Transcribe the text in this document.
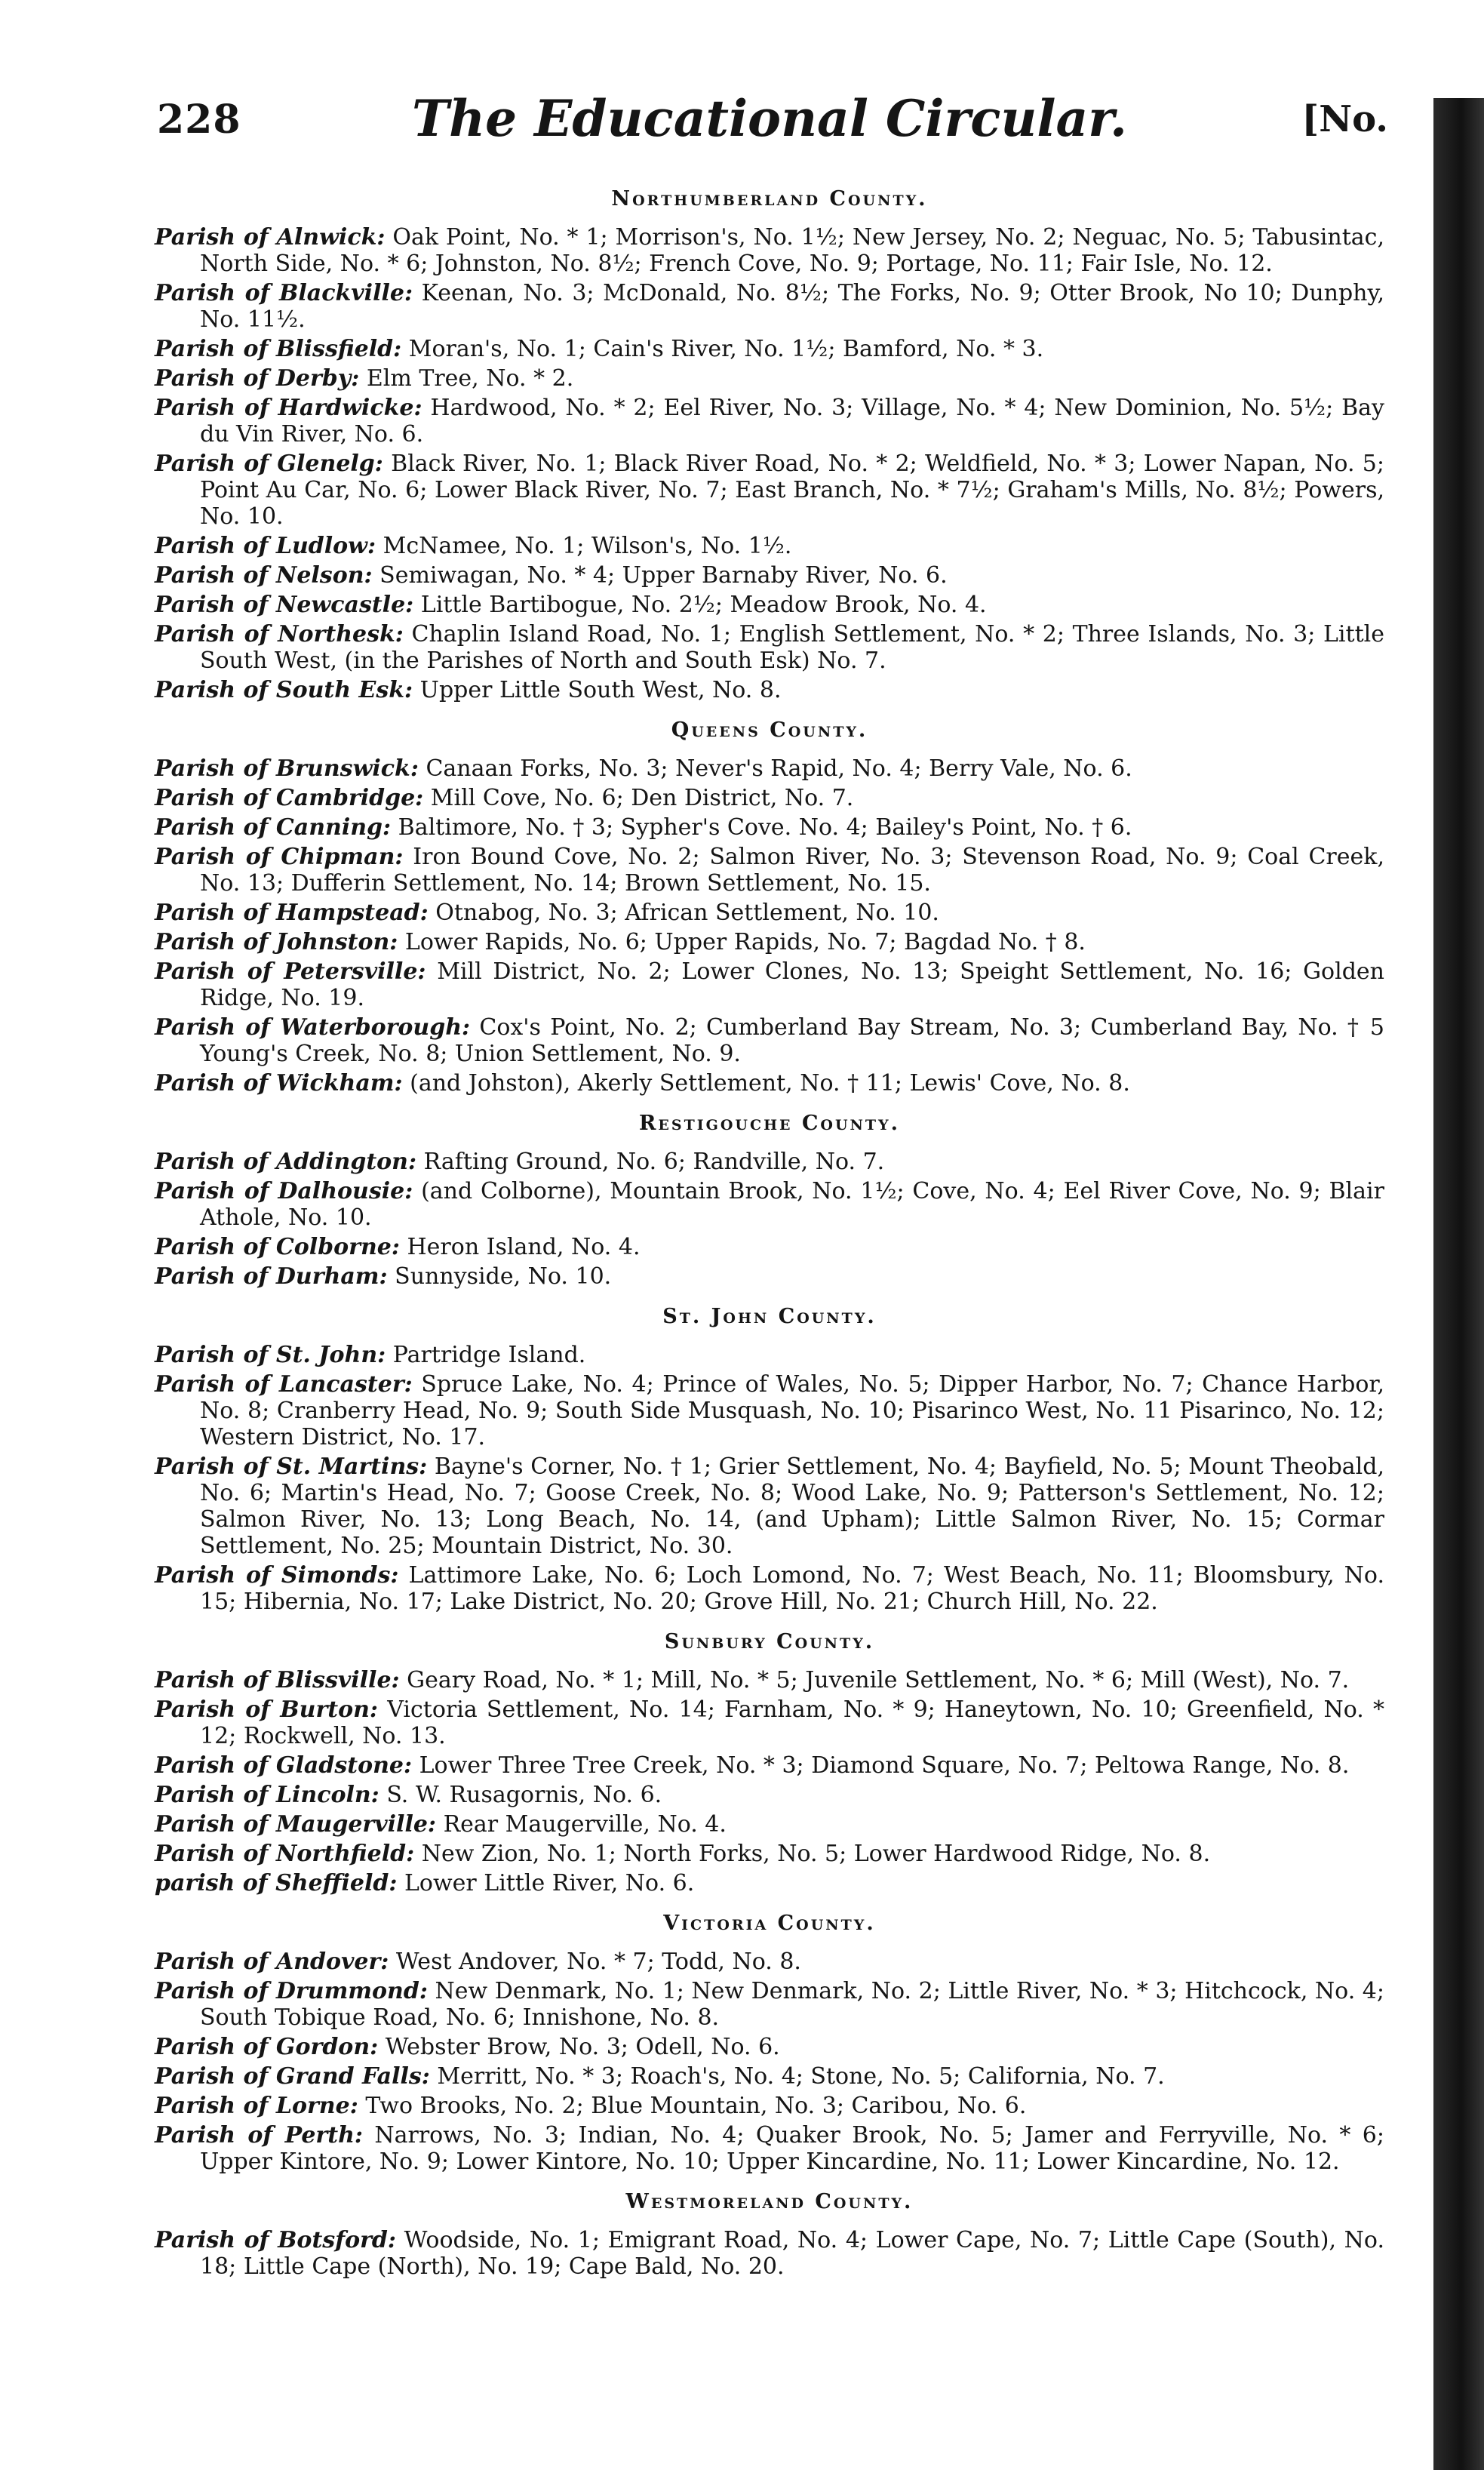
228	The Educational Circular.	[No.
Northumberland County.

Parish of Alnwick: Oak Point, No. * 1; Morrison's, No. 1½; New Jersey, No. 2; Neguac, No. 5; Tabusintac, North Side, No. * 6; Johnston, No. 8½; French Cove, No. 9; Portage, No. 11; Fair Isle, No. 12.

Parish of Blackville: Keenan, No. 3; McDonald, No. 8½; The Forks, No. 9; Otter Brook, No 10; Dunphy, No. 11½.

Parish of Blissfield: Moran's, No. 1; Cain's River, No. 1½; Bamford, No. * 3.

Parish of Derby: Elm Tree, No. * 2.

Parish of Hardwicke: Hardwood, No. * 2; Eel River, No. 3; Village, No. * 4; New Dominion, No. 5½; Bay du Vin River, No. 6.

Parish of Glenelg: Black River, No. 1; Black River Road, No. * 2; Weldfield, No. * 3; Lower Napan, No. 5; Point Au Car, No. 6; Lower Black River, No. 7; East Branch, No. * 7½; Graham's Mills, No. 8½; Powers, No. 10.

Parish of Ludlow: McNamee, No. 1; Wilson's, No. 1½.

Parish of Nelson: Semiwagan, No. * 4; Upper Barnaby River, No. 6.

Parish of Newcastle: Little Bartibogue, No. 2½; Meadow Brook, No. 4.

Parish of Northesk: Chaplin Island Road, No. 1; English Settlement, No. * 2; Three Islands, No. 3; Little South West, (in the Parishes of North and South Esk) No. 7.

Parish of South Esk: Upper Little South West, No. 8.

Queens County.

Parish of Brunswick: Canaan Forks, No. 3; Never's Rapid, No. 4; Berry Vale, No. 6.

Parish of Cambridge: Mill Cove, No. 6; Den District, No. 7.

Parish of Canning: Baltimore, No. † 3; Sypher's Cove. No. 4; Bailey's Point, No. † 6.

Parish of Chipman: Iron Bound Cove, No. 2; Salmon River, No. 3; Stevenson Road, No. 9; Coal Creek, No. 13; Dufferin Settlement, No. 14; Brown Settlement, No. 15.

Parish of Hampstead: Otnabog, No. 3; African Settlement, No. 10.

Parish of Johnston: Lower Rapids, No. 6; Upper Rapids, No. 7; Bagdad No. † 8.

Parish of Petersville: Mill District, No. 2; Lower Clones, No. 13; Speight Settlement, No. 16; Golden Ridge, No. 19.

Parish of Waterborough: Cox's Point, No. 2; Cumberland Bay Stream, No. 3; Cumberland Bay, No. † 5 Young's Creek, No. 8; Union Settlement, No. 9.

Parish of Wickham: (and Johston), Akerly Settlement, No. † 11; Lewis' Cove, No. 8.

Restigouche County.

Parish of Addington: Rafting Ground, No. 6; Randville, No. 7.

Parish of Dalhousie: (and Colborne), Mountain Brook, No. 1½; Cove, No. 4; Eel River Cove, No. 9; Blair Athole, No. 10.

Parish of Colborne: Heron Island, No. 4.

Parish of Durham: Sunnyside, No. 10.

St. John County.

Parish of St. John: Partridge Island.

Parish of Lancaster: Spruce Lake, No. 4; Prince of Wales, No. 5; Dipper Harbor, No. 7; Chance Harbor, No. 8; Cranberry Head, No. 9; South Side Musquash, No. 10; Pisarinco West, No. 11 Pisarinco, No. 12; Western District, No. 17.

Parish of St. Martins: Bayne's Corner, No. † 1; Grier Settlement, No. 4; Bayfield, No. 5; Mount Theobald, No. 6; Martin's Head, No. 7; Goose Creek, No. 8; Wood Lake, No. 9; Patterson's Settlement, No. 12; Salmon River, No. 13; Long Beach, No. 14, (and Upham); Little Salmon River, No. 15; Cormar Settlement, No. 25; Mountain District, No. 30.

Parish of Simonds: Lattimore Lake, No. 6; Loch Lomond, No. 7; West Beach, No. 11; Bloomsbury, No. 15; Hibernia, No. 17; Lake District, No. 20; Grove Hill, No. 21; Church Hill, No. 22.

Sunbury County.

Parish of Blissville: Geary Road, No. * 1; Mill, No. * 5; Juvenile Settlement, No. * 6; Mill (West), No. 7.

Parish of Burton: Victoria Settlement, No. 14; Farnham, No. * 9; Haneytown, No. 10; Greenfield, No. * 12; Rockwell, No. 13.

Parish of Gladstone: Lower Three Tree Creek, No. * 3; Diamond Square, No. 7; Peltowa Range, No. 8.

Parish of Lincoln: S. W. Rusagornis, No. 6.

Parish of Maugerville: Rear Maugerville, No. 4.

Parish of Northfield: New Zion, No. 1; North Forks, No. 5; Lower Hardwood Ridge, No. 8.

parish of Sheffield: Lower Little River, No. 6.

Victoria County.

Parish of Andover: West Andover, No. * 7; Todd, No. 8.

Parish of Drummond: New Denmark, No. 1; New Denmark, No. 2; Little River, No. * 3; Hitchcock, No. 4; South Tobique Road, No. 6; Innishone, No. 8.

Parish of Gordon: Webster Brow, No. 3; Odell, No. 6.

Parish of Grand Falls: Merritt, No. * 3; Roach's, No. 4; Stone, No. 5; California, No. 7.

Parish of Lorne: Two Brooks, No. 2; Blue Mountain, No. 3; Caribou, No. 6.

Parish of Perth: Narrows, No. 3; Indian, No. 4; Quaker Brook, No. 5; Jamer and Ferryville, No. * 6; Upper Kintore, No. 9; Lower Kintore, No. 10; Upper Kincardine, No. 11; Lower Kincardine, No. 12.

Westmoreland County.

Parish of Botsford: Woodside, No. 1; Emigrant Road, No. 4; Lower Cape, No. 7; Little Cape (South), No. 18; Little Cape (North), No. 19; Cape Bald, No. 20.
